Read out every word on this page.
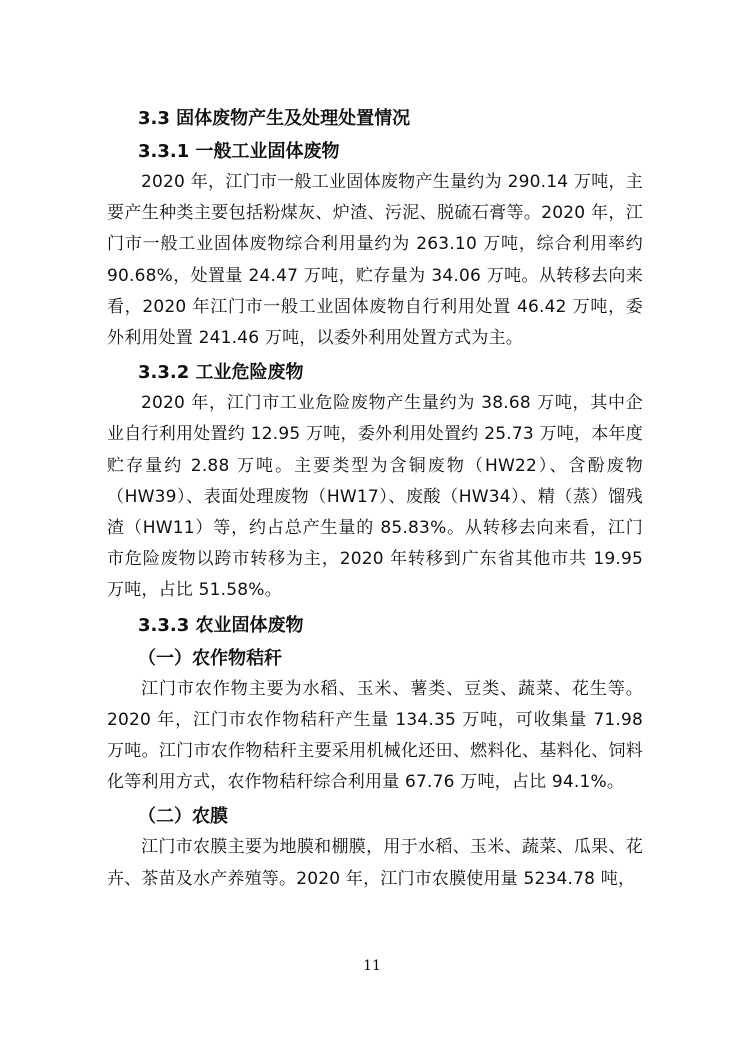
3.3 固体废物产生及处理处置情况

3.3.1 一般工业固体废物

2020 年，江门市一般工业固体废物产生量约为 290.14 万吨，主要产生种类主要包括粉煤灰、炉渣、污泥、脱硫石膏等。2020 年，江门市一般工业固体废物综合利用量约为 263.10 万吨，综合利用率约 90.68%，处置量 24.47 万吨，贮存量为 34.06 万吨。从转移去向来看，2020 年江门市一般工业固体废物自行利用处置 46.42 万吨，委外利用处置 241.46 万吨，以委外利用处置方式为主。

3.3.2 工业危险废物

2020 年，江门市工业危险废物产生量约为 38.68 万吨，其中企业自行利用处置约 12.95 万吨，委外利用处置约 25.73 万吨，本年度贮存量约 2.88 万吨。主要类型为含铜废物（HW22）、含酚废物（HW39）、表面处理废物（HW17）、废酸（HW34）、精（蒸）馏残渣（HW11）等，约占总产生量的 85.83%。从转移去向来看，江门市危险废物以跨市转移为主，2020 年转移到广东省其他市共 19.95 万吨，占比 51.58%。

3.3.3 农业固体废物

（一）农作物秸秆

江门市农作物主要为水稻、玉米、薯类、豆类、蔬菜、花生等。2020 年，江门市农作物秸秆产生量 134.35 万吨，可收集量 71.98 万吨。江门市农作物秸秆主要采用机械化还田、燃料化、基料化、饲料化等利用方式，农作物秸秆综合利用量 67.76 万吨，占比 94.1%。

（二）农膜

江门市农膜主要为地膜和棚膜，用于水稻、玉米、蔬菜、瓜果、花卉、茶苗及水产养殖等。2020 年，江门市农膜使用量 5234.78 吨，

11
